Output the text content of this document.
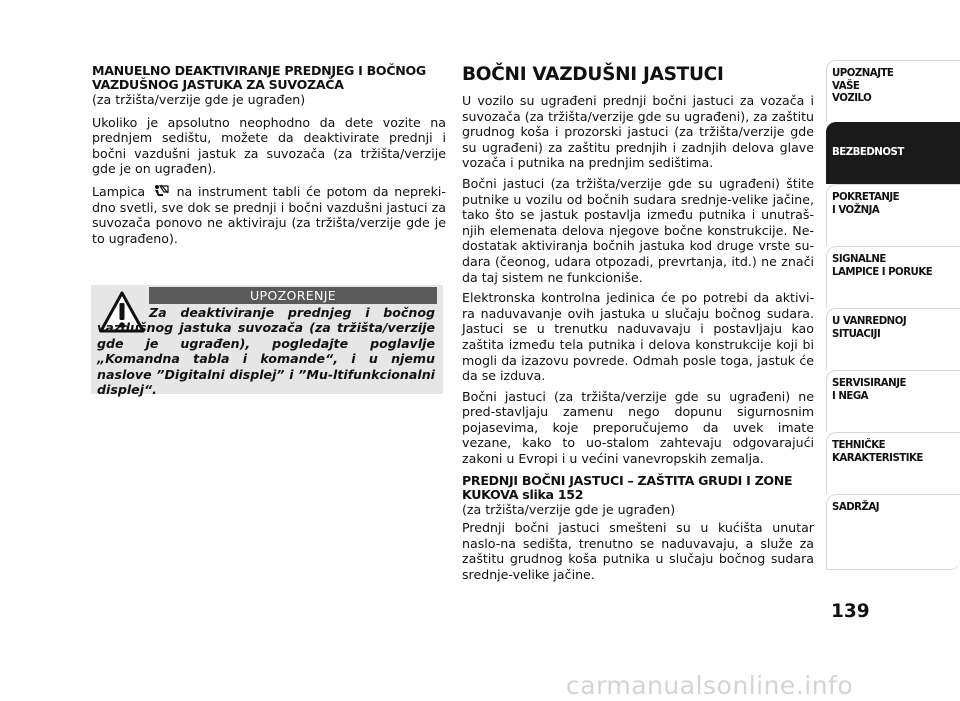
MANUELNO DEAKTIVIRANJE PREDNJEG I BOČNOG
VAZDUŠNOG JASTUKA ZA SUVOZAČA

(za tržišta/verzije gde je ugrađen)

Ukoliko je apsolutno neophodno da dete vozite na prednjem sedištu, možete da deaktivirate prednji i bočni vazdušni jastuk za suvozača (za tržišta/verzije gde je on ugrađen).

Lampica na instrument tabli će potom da nepreki-dno svetli, sve dok se prednji i bočni vazdušni jastuci za suvozača ponovo ne aktiviraju (za tržišta/verzije gde je to ugrađeno).

UPOZORENJE

Za deaktiviranje prednjeg i bočnog vazdušnog jastuka suvozača (za tržišta/verzije gde je ugrađen), pogledajte poglavlje „Komandna tabla i komande“, i u njemu naslove ”Digitalni displej” i ”Mu-ltifunkcionalni displej“.

BOČNI VAZDUŠNI JASTUCI

U vozilo su ugrađeni prednji bočni jastuci za vozača i suvozača (za tržišta/verzije gde su ugrađeni), za zaštitu grudnog koša i prozorski jastuci (za tržišta/verzije gde su ugrađeni) za zaštitu prednjih i zadnjih delova glave vozača i putnika na prednjim sedištima.

Bočni jastuci (za tržišta/verzije gde su ugrađeni) štite putnike u vozilu od bočnih sudara srednje-velike jačine, tako što se jastuk postavlja između putnika i unutraš-njih elemenata delova njegove bočne konstrukcije. Ne-dostatak aktiviranja bočnih jastuka kod druge vrste su-dara (čeonog, udara otpozadi, prevrtanja, itd.) ne znači da taj sistem ne funkcioniše.

Elektronska kontrolna jedinica će po potrebi da aktivi-ra naduvavanje ovih jastuka u slučaju bočnog sudara. Jastuci se u trenutku naduvavaju i postavljaju kao zaštita između tela putnika i delova konstrukcije koji bi mogli da izazovu povrede. Odmah posle toga, jastuk će da se izduva.

Bočni jastuci (za tržišta/verzije gde su ugrađeni) ne pred-stavljaju zamenu nego dopunu sigurnosnim pojasevima, koje preporučujemo da uvek imate vezane, kako to uo-stalom zahtevaju odgovarajući zakoni u Evropi i u većini vanevropskih zemalja.

PREDNJI BOČNI JASTUCI – ZAŠTITA GRUDI I ZONE
KUKOVA slika 152

(za tržišta/verzije gde je ugrađen)

Prednji bočni jastuci smešteni su u kućišta unutar naslo-na sedišta, trenutno se naduvavaju, a služe za zaštitu grudnog koša putnika u slučaju bočnog sudara srednje-velike jačine.

UPOZNAJTE
VAŠE
VOZILO
BEZBEDNOST
POKRETANJE
I VOŽNJA
SIGNALNE
LAMPICE I PORUKE
U VANREDNOJ
SITUACIJI
SERVISIRANJE
I NEGA
TEHNIČKE
KARAKTERISTIKE
SADRŽAJ
139
carmanualsonline.info
